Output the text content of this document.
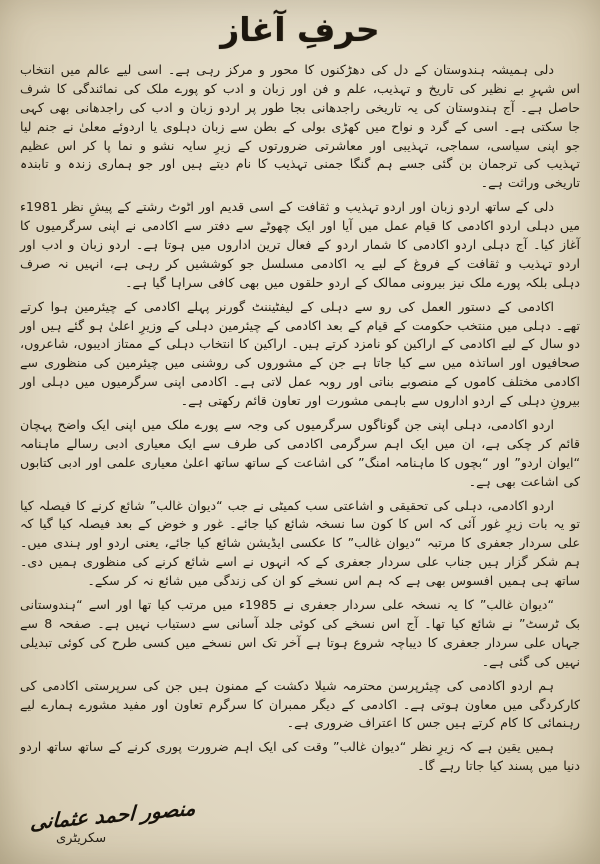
حرفِ آغاز

دلی ہمیشہ ہندوستان کے دل کی دھڑکنوں کا محور و مرکز رہی ہے۔ اسی لیے عالم میں انتخاب اس شہرِ بے نظیر کی تاریخ و تہذیب، علم و فن اور زبان و ادب کو پورے ملک کی نمائندگی کا شرف حاصل ہے۔ آج ہندوستان کی یہ تاریخی راجدھانی بجا طور پر اردو زبان و ادب کی راجدھانی بھی کہی جا سکتی ہے۔ اسی کے گرد و نواح میں کھڑی بولی کے بطن سے زبان دہلوی یا اردوئے معلیٰ نے جنم لیا جو اپنی سیاسی، سماجی، تہذیبی اور معاشرتی ضرورتوں کے زیرِ سایہ نشو و نما پا کر اس عظیم تہذیب کی ترجمان بن گئی جسے ہم گنگا جمنی تہذیب کا نام دیتے ہیں اور جو ہماری زندہ و تابندہ تاریخی وراثت ہے۔

دلی کے ساتھ اردو زبان اور اردو تہذیب و ثقافت کے اسی قدیم اور اٹوٹ رشتے کے پیشِ نظر 1981ء میں دہلی اردو اکادمی کا قیام عمل میں آیا اور ایک چھوٹے سے دفتر سے اکادمی نے اپنی سرگرمیوں کا آغاز کیا۔ آج دہلی اردو اکادمی کا شمار اردو کے فعال ترین اداروں میں ہوتا ہے۔ اردو زبان و ادب اور اردو تہذیب و ثقافت کے فروغ کے لیے یہ اکادمی مسلسل جو کوششیں کر رہی ہے، انہیں نہ صرف دہلی بلکہ پورے ملک نیز بیرونی ممالک کے اردو حلقوں میں بھی کافی سراہا گیا ہے۔

اکادمی کے دستور العمل کی رو سے دہلی کے لیفٹیننٹ گورنر پہلے اکادمی کے چیئرمین ہوا کرتے تھے۔ دہلی میں منتخب حکومت کے قیام کے بعد اکادمی کے چیئرمین دہلی کے وزیرِ اعلیٰ ہو گئے ہیں اور دو سال کے لیے اکادمی کے اراکین کو نامزد کرتے ہیں۔ اراکین کا انتخاب دہلی کے ممتاز ادیبوں، شاعروں، صحافیوں اور اساتذہ میں سے کیا جاتا ہے جن کے مشوروں کی روشنی میں چیئرمین کی منظوری سے اکادمی مختلف کاموں کے منصوبے بناتی اور روبہ عمل لاتی ہے۔ اکادمی اپنی سرگرمیوں میں دہلی اور بیرونِ دہلی کے اردو اداروں سے باہمی مشورت اور تعاون قائم رکھتی ہے۔

اردو اکادمی، دہلی اپنی جن گوناگوں سرگرمیوں کی وجہ سے پورے ملک میں اپنی ایک واضح پہچان قائم کر چکی ہے، ان میں ایک اہم سرگرمی اکادمی کی طرف سے ایک معیاری ادبی رسالے ماہنامہ “ایوان اردو” اور “بچوں کا ماہنامہ امنگ” کی اشاعت کے ساتھ ساتھ اعلیٰ معیاری علمی اور ادبی کتابوں کی اشاعت بھی ہے۔

اردو اکادمی، دہلی کی تحقیقی و اشاعتی سب کمیٹی نے جب “دیوان غالب” شائع کرنے کا فیصلہ کیا تو یہ بات زیرِ غور آئی کہ اس کا کون سا نسخہ شائع کیا جائے۔ غور و خوض کے بعد فیصلہ کیا گیا کہ علی سردار جعفری کا مرتبہ “دیوان غالب” کا عکسی ایڈیشن شائع کیا جائے، یعنی اردو اور ہندی میں۔ ہم شکر گزار ہیں جناب علی سردار جعفری کے کہ انہوں نے اسے شائع کرنے کی منظوری ہمیں دی۔ ساتھ ہی ہمیں افسوس بھی ہے کہ ہم اس نسخے کو ان کی زندگی میں شائع نہ کر سکے۔

“دیوان غالب” کا یہ نسخہ علی سردار جعفری نے 1985ء میں مرتب کیا تھا اور اسے “ہندوستانی بک ٹرسٹ” نے شائع کیا تھا۔ آج اس نسخے کی کوئی جلد آسانی سے دستیاب نہیں ہے۔ صفحہ 8 سے جہاں علی سردار جعفری کا دیباچہ شروع ہوتا ہے آخر تک اس نسخے میں کسی طرح کی کوئی تبدیلی نہیں کی گئی ہے۔

ہم اردو اکادمی کی چیئرپرسن محترمہ شیلا دکشت کے ممنون ہیں جن کی سرپرستی اکادمی کی کارکردگی میں معاون ہوتی ہے۔ اکادمی کے دیگر ممبران کا سرگرم تعاون اور مفید مشورے ہمارے لیے رہنمائی کا کام کرتے ہیں جس کا اعتراف ضروری ہے۔

ہمیں یقین ہے کہ زیرِ نظر “دیوان غالب” وقت کی ایک اہم ضرورت پوری کرنے کے ساتھ ساتھ اردو دنیا میں پسند کیا جاتا رہے گا۔

منصور احمد عثمانی
سکریٹری
